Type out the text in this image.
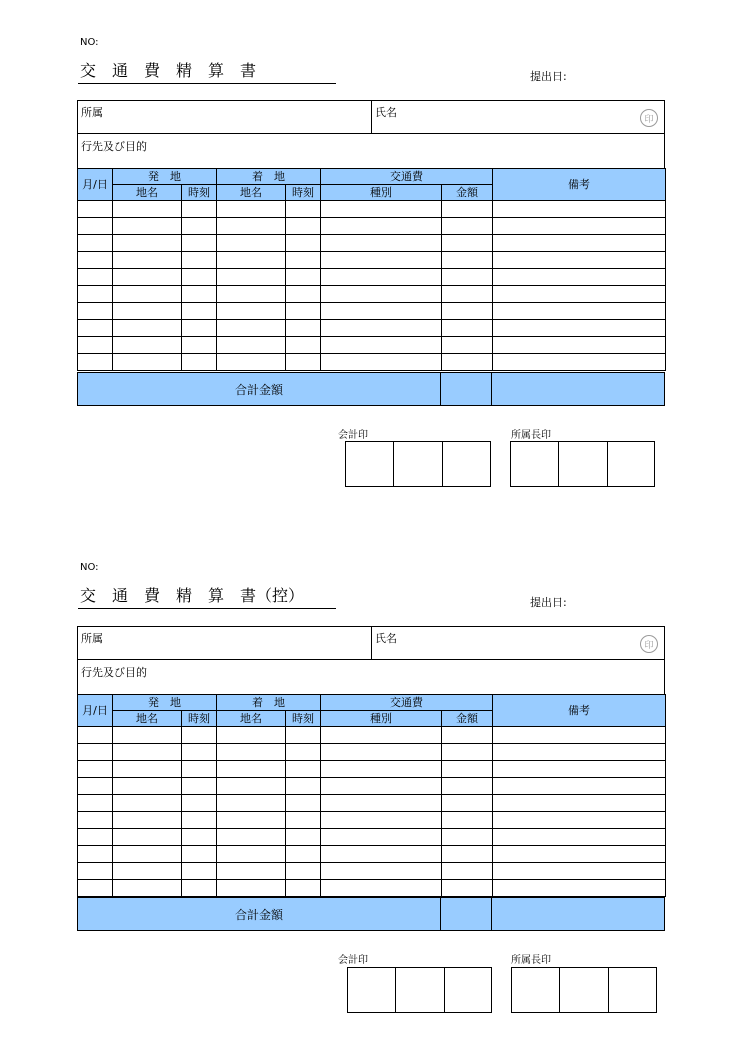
NO:
交　通　費　精　算　書	提出日:
所属	氏名
印
行先及び目的
月/日	発　地		着　地		交通費		備考
	地名	時刻	地名	時刻	種別	金額	

合計金額
会計印	所属長印
NO:
交　通　費　精　算　書（控）	提出日:
所属	氏名
印
行先及び目的
月/日	発　地		着　地		交通費		備考
	地名	時刻	地名	時刻	種別	金額	

合計金額
会計印	所属長印
